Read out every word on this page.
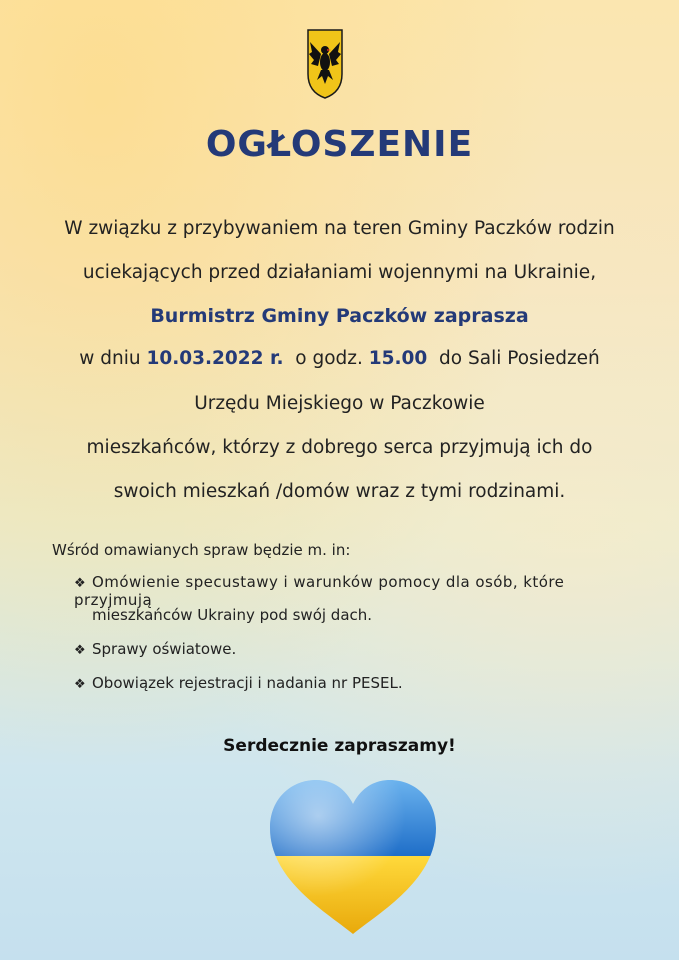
OGŁOSZENIE
W związku z przybywaniem na teren Gminy Paczków rodzin
uciekających przed działaniami wojennymi na Ukrainie,
Burmistrz Gminy Paczków zaprasza
w dniu 10.03.2022 r. o godz. 15.00 do Sali Posiedzeń
Urzędu Miejskiego w Paczkowie
mieszkańców, którzy z dobrego serca przyjmują ich do
swoich mieszkań /domów wraz z tymi rodzinami.
Wśród omawianych spraw będzie m. in:
❖ Omówienie specustawy i warunków pomocy dla osób, które przyjmują
mieszkańców Ukrainy pod swój dach.
❖ Sprawy oświatowe.
❖ Obowiązek rejestracji i nadania nr PESEL.
Serdecznie zapraszamy!
